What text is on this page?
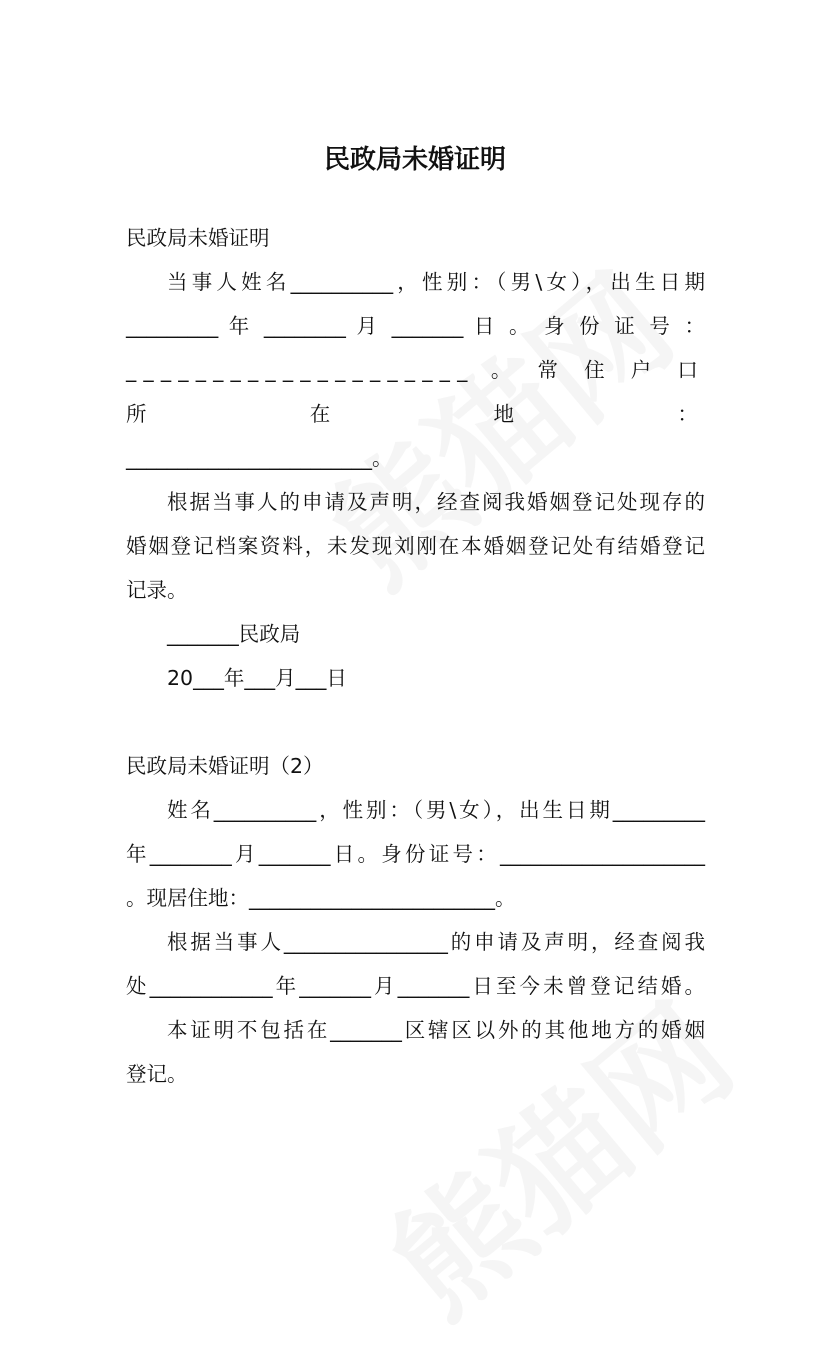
民政局未婚证明

民政局未婚证明

当事人姓名__________，性别：（男\女），出生日期

_________ 年 ________ 月 _______ 日 。 身 份 证 号 ：

____________________ 。 常 住 户 口 所 在 地 ：

________________________。

根据当事人的申请及声明，经查阅我婚姻登记处现存的

婚姻登记档案资料，未发现刘刚在本婚姻登记处有结婚登记

记录。

_______民政局

20___年___月___日

民政局未婚证明（2）

姓名__________，性别：（男\女），出生日期_________

年________月_______日。身份证号：____________________

。现居住地：________________________。

根据当事人________________的申请及声明，经查阅我

处____________年_______月_______日至今未曾登记结婚。

本证明不包括在_______区辖区以外的其他地方的婚姻

登记。
